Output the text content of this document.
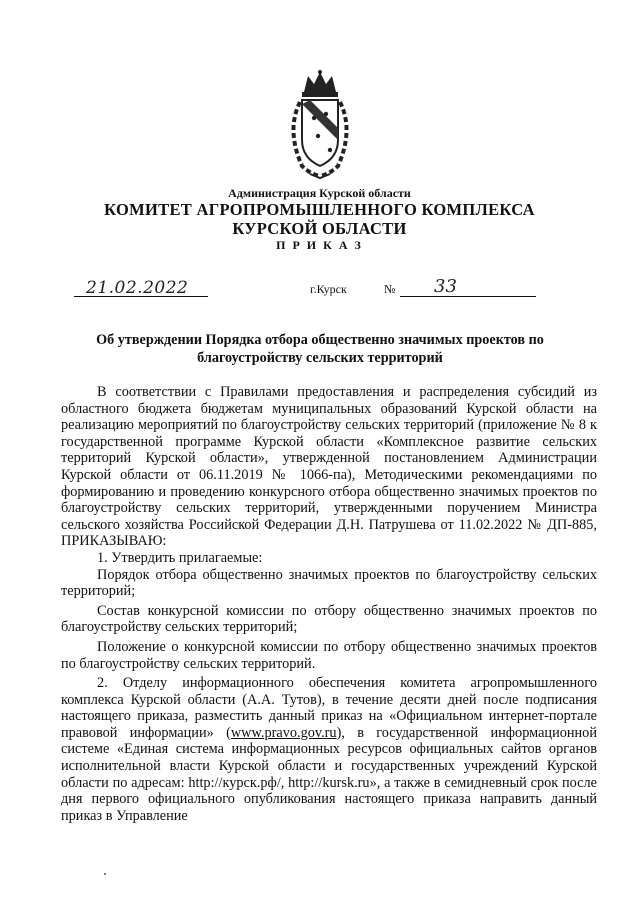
Администрация Курской области
КОМИТЕТ АГРОПРОМЫШЛЕННОГО КОМПЛЕКСА
КУРСКОЙ ОБЛАСТИ
П Р И К А З
21.02.2022	г.Курск	№ 33
Об утверждении Порядка отбора общественно значимых проектов по благоустройству сельских территорий

В соответствии с Правилами предоставления и распределения субсидий из областного бюджета бюджетам муниципальных образований Курской области на реализацию мероприятий по благоустройству сельских территорий (приложение № 8 к государственной программе Курской области «Комплексное развитие сельских территорий Курской области», утвержденной постановлением Администрации Курской области от 06.11.2019 № 1066-па), Методическими рекомендациями по формированию и проведению конкурсного отбора общественно значимых проектов по благоустройству сельских территорий, утвержденными поручением Министра сельского хозяйства Российской Федерации Д.Н. Патрушева от 11.02.2022 № ДП-885, ПРИКАЗЫВАЮ:

1. Утвердить прилагаемые:

Порядок отбора общественно значимых проектов по благоустройству сельских территорий;

Состав конкурсной комиссии по отбору общественно значимых проектов по благоустройству сельских территорий;

Положение о конкурсной комиссии по отбору общественно значимых проектов по благоустройству сельских территорий.

2. Отделу информационного обеспечения комитета агропромышленного комплекса Курской области (А.А. Тутов), в течение десяти дней после подписания настоящего приказа, разместить данный приказ на «Официальном интернет-портале правовой информации» (www.pravo.gov.ru), в государственной информационной системе «Единая система информационных ресурсов официальных сайтов органов исполнительной власти Курской области и государственных учреждений Курской области по адресам: http://курск.рф/, http://kursk.ru», а также в семидневный срок после дня первого официального опубликования настоящего приказа направить данный приказ в Управление
